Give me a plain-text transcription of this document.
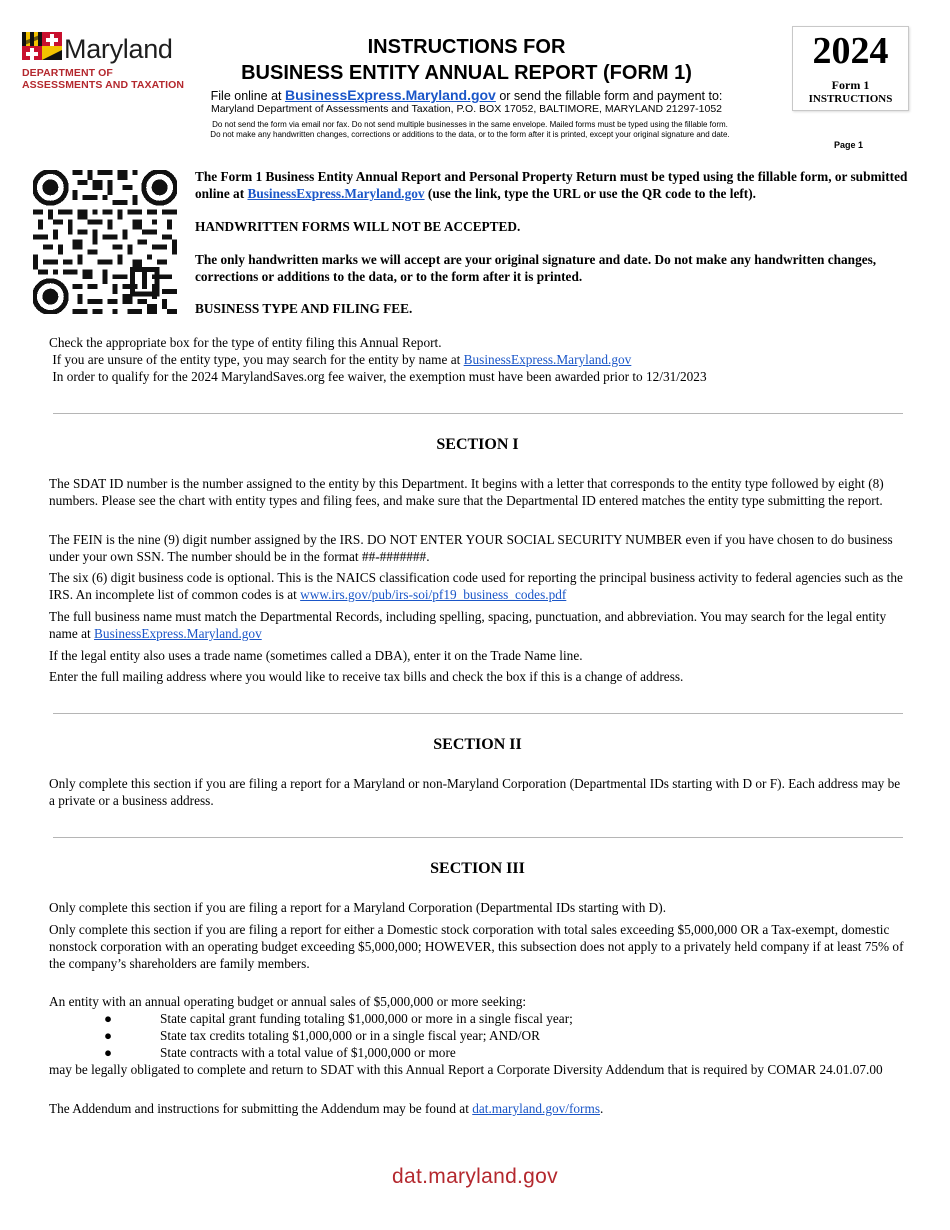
Maryland
DEPARTMENT OF
ASSESSMENTS AND TAXATION
INSTRUCTIONS FOR
BUSINESS ENTITY ANNUAL REPORT (FORM 1)
File online at BusinessExpress.Maryland.gov or send the fillable form and payment to:
Maryland Department of Assessments and Taxation, P.O. BOX 17052, BALTIMORE, MARYLAND 21297-1052
Do not send the form via email nor fax. Do not send multiple businesses in the same envelope. Mailed forms must be typed using the fillable form.
Do not make any handwritten changes, corrections or additions to the data, or to the form after it is printed, except your original signature and date.
2024
Form 1
INSTRUCTIONS
Page 1
The Form 1 Business Entity Annual Report and Personal Property Return must be typed using the fillable form, or submitted online at BusinessExpress.Maryland.gov (use the link, type the URL or use the QR code to the left).
HANDWRITTEN FORMS WILL NOT BE ACCEPTED.
The only handwritten marks we will accept are your original signature and date. Do not make any handwritten changes, corrections or additions to the data, or to the form after it is printed.
BUSINESS TYPE AND FILING FEE.
Check the appropriate box for the type of entity filing this Annual Report.
If you are unsure of the entity type, you may search for the entity by name at BusinessExpress.Maryland.gov
In order to qualify for the 2024 MarylandSaves.org fee waiver, the exemption must have been awarded prior to 12/31/2023
SECTION I
The SDAT ID number is the number assigned to the entity by this Department. It begins with a letter that corresponds to the entity type followed by eight (8) numbers. Please see the chart with entity types and filing fees, and make sure that the Departmental ID entered matches the entity type submitting the report.
The FEIN is the nine (9) digit number assigned by the IRS. DO NOT ENTER YOUR SOCIAL SECURITY NUMBER even if you have chosen to do business under your own SSN. The number should be in the format ##-#######.
The six (6) digit business code is optional. This is the NAICS classification code used for reporting the principal business activity to federal agencies such as the IRS. An incomplete list of common codes is at www.irs.gov/pub/irs-soi/pf19_business_codes.pdf
The full business name must match the Departmental Records, including spelling, spacing, punctuation, and abbreviation. You may search for the legal entity name at BusinessExpress.Maryland.gov
If the legal entity also uses a trade name (sometimes called a DBA), enter it on the Trade Name line.
Enter the full mailing address where you would like to receive tax bills and check the box if this is a change of address.
SECTION II
Only complete this section if you are filing a report for a Maryland or non-Maryland Corporation (Departmental IDs starting with D or F). Each address may be a private or a business address.
SECTION III
Only complete this section if you are filing a report for a Maryland Corporation (Departmental IDs starting with D).
Only complete this section if you are filing a report for either a Domestic stock corporation with total sales exceeding $5,000,000 OR a Tax-exempt, domestic nonstock corporation with an operating budget exceeding $5,000,000; HOWEVER, this subsection does not apply to a privately held company if at least 75% of the company’s shareholders are family members.
An entity with an annual operating budget or annual sales of $5,000,000 or more seeking:
●	State capital grant funding totaling $1,000,000 or more in a single fiscal year;
●	State tax credits totaling $1,000,000 or in a single fiscal year; AND/OR
●	State contracts with a total value of $1,000,000 or more
may be legally obligated to complete and return to SDAT with this Annual Report a Corporate Diversity Addendum that is required by COMAR 24.01.07.00
The Addendum and instructions for submitting the Addendum may be found at dat.maryland.gov/forms.
dat.maryland.gov
